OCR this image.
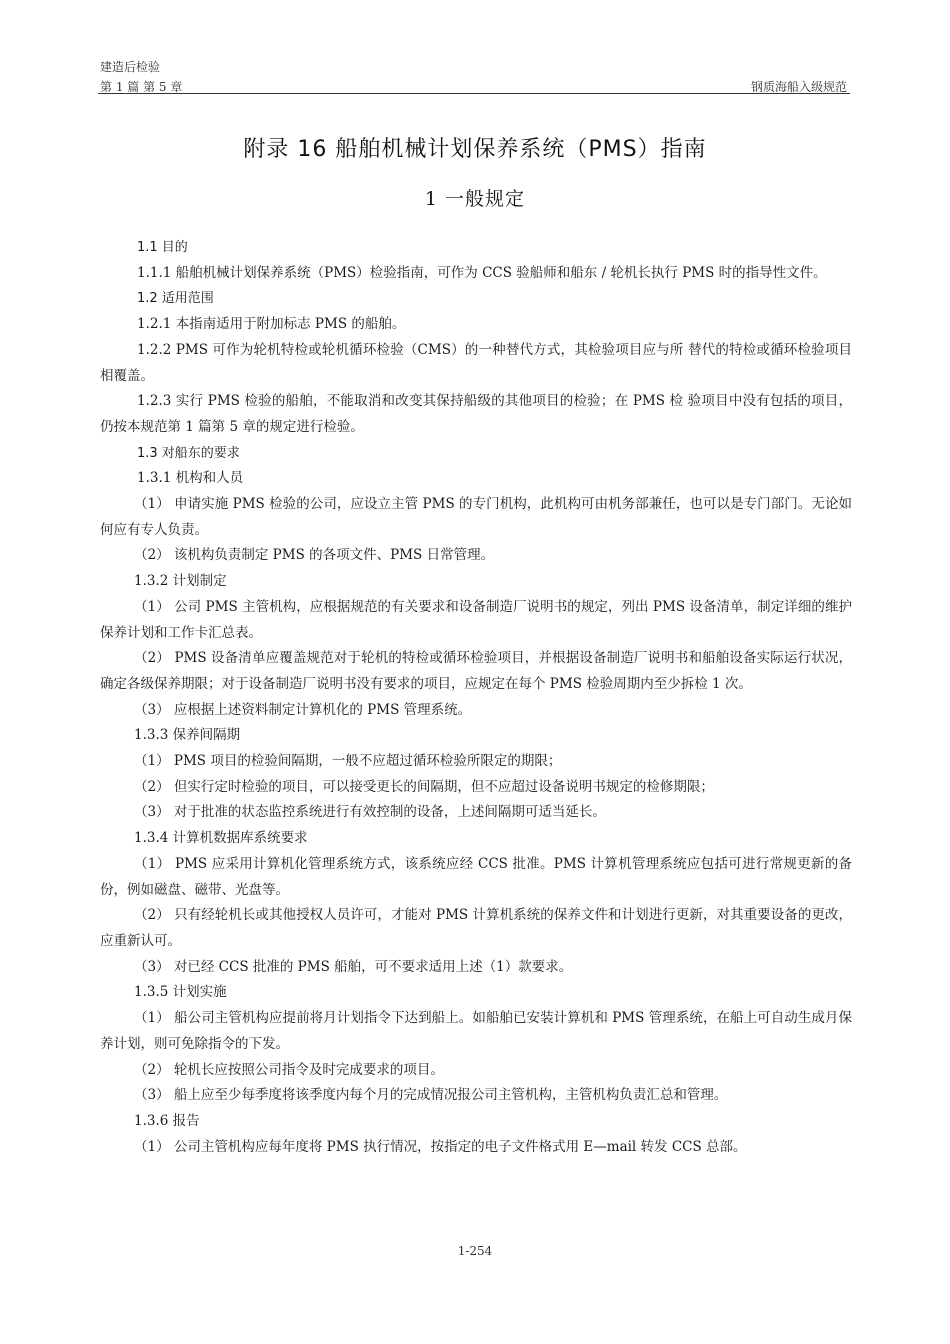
建造后检验
第 1 篇 第 5 章	钢质海船入级规范
附录 16 船舶机械计划保养系统（PMS）指南
1 一般规定

1.1 目的

1.1.1 船舶机械计划保养系统（PMS）检验指南，可作为 CCS 验船师和船东 / 轮机长执行 PMS 时的指导性文件。

1.2 适用范围

1.2.1 本指南适用于附加标志 PMS 的船舶。

1.2.2 PMS 可作为轮机特检或轮机循环检验（CMS）的一种替代方式，其检验项目应与所 替代的特检或循环检验项目相覆盖。

1.2.3 实行 PMS 检验的船舶，不能取消和改变其保持船级的其他项目的检验；在 PMS 检 验项目中没有包括的项目，仍按本规范第 1 篇第 5 章的规定进行检验。

1.3 对船东的要求

1.3.1 机构和人员

（1） 申请实施 PMS 检验的公司，应设立主管 PMS 的专门机构，此机构可由机务部兼任，也可以是专门部门。无论如何应有专人负责。

（2） 该机构负责制定 PMS 的各项文件、PMS 日常管理。

1.3.2 计划制定

（1） 公司 PMS 主管机构，应根据规范的有关要求和设备制造厂说明书的规定，列出 PMS 设备清单，制定详细的维护保养计划和工作卡汇总表。

（2） PMS 设备清单应覆盖规范对于轮机的特检或循环检验项目，并根据设备制造厂说明书和船舶设备实际运行状况，确定各级保养期限；对于设备制造厂说明书没有要求的项目，应规定在每个 PMS 检验周期内至少拆检 1 次。

（3） 应根据上述资料制定计算机化的 PMS 管理系统。

1.3.3 保养间隔期

（1） PMS 项目的检验间隔期，一般不应超过循环检验所限定的期限；

（2） 但实行定时检验的项目，可以接受更长的间隔期，但不应超过设备说明书规定的检修期限；

（3） 对于批准的状态监控系统进行有效控制的设备，上述间隔期可适当延长。

1.3.4 计算机数据库系统要求

（1） PMS 应采用计算机化管理系统方式，该系统应经 CCS 批准。PMS 计算机管理系统应包括可进行常规更新的备份，例如磁盘、磁带、光盘等。

（2） 只有经轮机长或其他授权人员许可，才能对 PMS 计算机系统的保养文件和计划进行更新，对其重要设备的更改，应重新认可。

（3） 对已经 CCS 批准的 PMS 船舶，可不要求适用上述（1）款要求。

1.3.5 计划实施

（1） 船公司主管机构应提前将月计划指令下达到船上。如船舶已安装计算机和 PMS 管理系统，在船上可自动生成月保养计划，则可免除指令的下发。

（2） 轮机长应按照公司指令及时完成要求的项目。

（3） 船上应至少每季度将该季度内每个月的完成情况报公司主管机构，主管机构负责汇总和管理。

1.3.6 报告

（1） 公司主管机构应每年度将 PMS 执行情况，按指定的电子文件格式用 E—mail 转发 CCS 总部。

1-254
